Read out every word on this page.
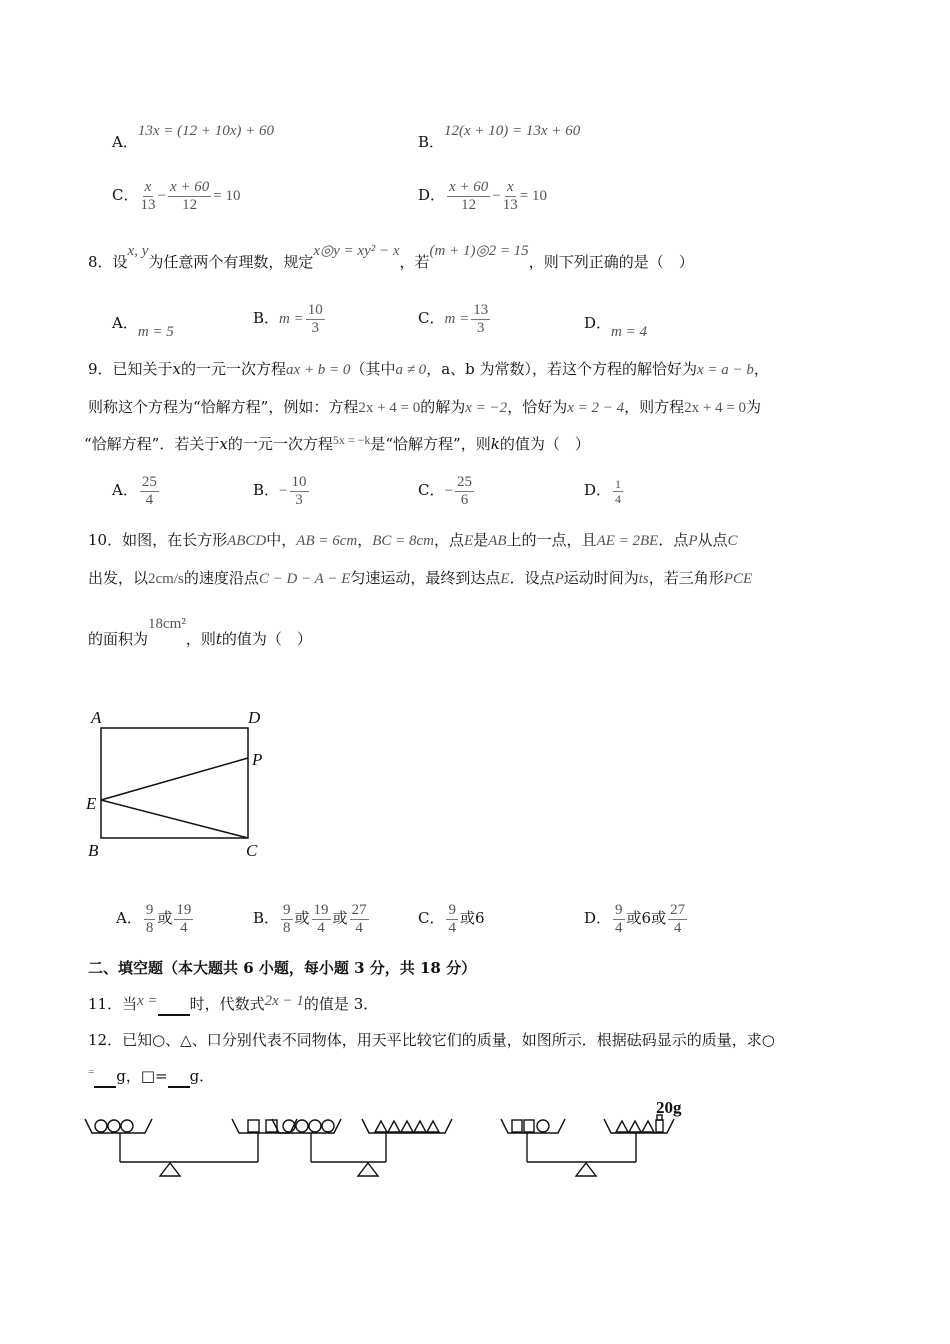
A．13x = (12 + 10x) + 60
B．12(x + 10) = 13x + 60
C． $\frac{x}{13} - \frac{x + 60}{12} = 10$	D． $\frac{x + 60}{12} - \frac{x}{13} = 10$
8．设x, y为任意两个有理数，规定x◎y = xy² − x，若(m + 1)◎2 = 15，则下列正确的是（　）
A．m = 5
B．$m = \frac{10}{3}$	C．$m = \frac{13}{3}$	D．m = 4
9．已知关于x的一元一次方程ax + b = 0（其中a ≠ 0，a、b 为常数），若这个方程的解恰好为x = a − b，
则称这个方程为“恰解方程”，例如：方程2x + 4 = 0的解为x = −2，恰好为x = 2 − 4，则方程2x + 4 = 0为
“恰解方程”．若关于x的一元一次方程$^{5x = -k}$是“恰解方程”，则k的值为（　）
A． $\frac{25}{4}$	B．− $\frac{10}{3}$	C．− $\frac{25}{6}$	D． $\frac{1}{4}$
10．如图，在长方形ABCD中，AB = 6cm，BC = 8cm，点E是AB上的一点，且AE = 2BE．点P从点C
出发，以2cm/s的速度沿点C − D − A − E匀速运动，最终到达点E．设点P运动时间为ts，若三角形PCE
的面积为18cm²，则t的值为（　）
A	D
P
E
B	C
A． $\frac{9}{8}$ 或 $\frac{19}{4}$	B． $\frac{9}{8}$ 或 $\frac{19}{4}$ 或 $\frac{27}{4}$	C． $\frac{9}{4}$ 或6	D． $\frac{9}{4}$ 或6或 $\frac{27}{4}$
二、填空题（本大题共 6 小题，每小题 3 分，共 18 分）
11．当x = 时，代数式2x − 1的值是 3．
12．已知○、△、口分别代表不同物体，用天平比较它们的质量，如图所示．根据砝码显示的质量，求○
= g，□= g．
20g
